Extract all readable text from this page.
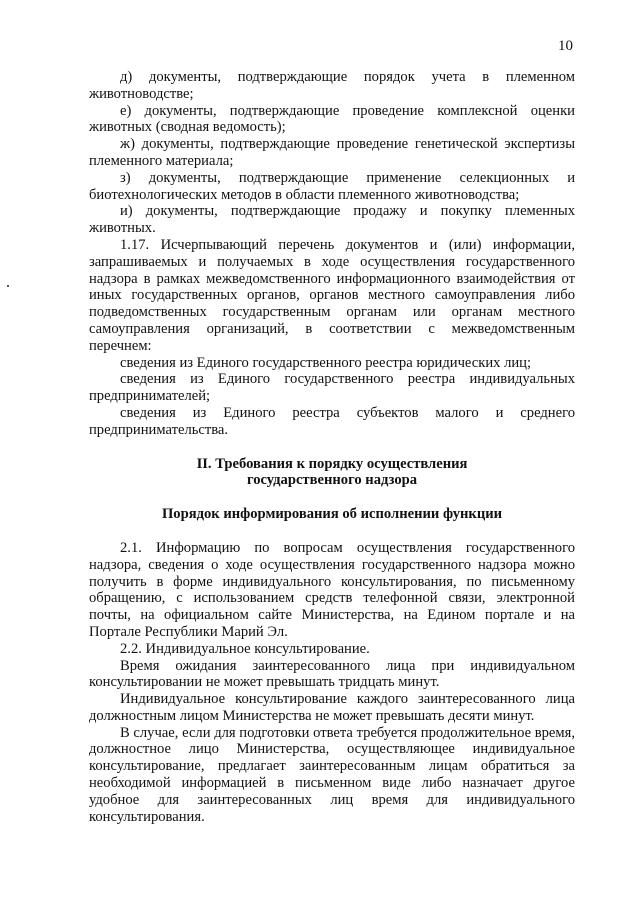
10

д) документы, подтверждающие порядок учета в племенном животноводстве;

е) документы, подтверждающие проведение комплексной оценки животных (сводная ведомость);

ж) документы, подтверждающие проведение генетической экспертизы племенного материала;

з) документы, подтверждающие применение селекционных и биотехнологических методов в области племенного животноводства;

и) документы, подтверждающие продажу и покупку племенных животных.

1.17. Исчерпывающий перечень документов и (или) информации, запрашиваемых и получаемых в ходе осуществления государственного надзора в рамках межведомственного информационного взаимодействия от иных государственных органов, органов местного самоуправления либо подведомственных государственным органам или органам местного самоуправления организаций, в соответствии с межведомственным перечнем:

сведения из Единого государственного реестра юридических лиц;

сведения из Единого государственного реестра индивидуальных предпринимателей;

сведения из Единого реестра субъектов малого и среднего предпринимательства.

II. Требования к порядку осуществления
государственного надзора
Порядок информирования об исполнении функции

2.1. Информацию по вопросам осуществления государственного надзора, сведения о ходе осуществления государственного надзора можно получить в форме индивидуального консультирования, по письменному обращению, с использованием средств телефонной связи, электронной почты, на официальном сайте Министерства, на Едином портале и на Портале Республики Марий Эл.

2.2. Индивидуальное консультирование.

Время ожидания заинтересованного лица при индивидуальном консультировании не может превышать тридцать минут.

Индивидуальное консультирование каждого заинтересованного лица должностным лицом Министерства не может превышать десяти минут.

В случае, если для подготовки ответа требуется продолжительное время, должностное лицо Министерства, осуществляющее индивидуальное консультирование, предлагает заинтересованным лицам обратиться за необходимой информацией в письменном виде либо назначает другое удобное для заинтересованных лиц время для индивидуального консультирования.
